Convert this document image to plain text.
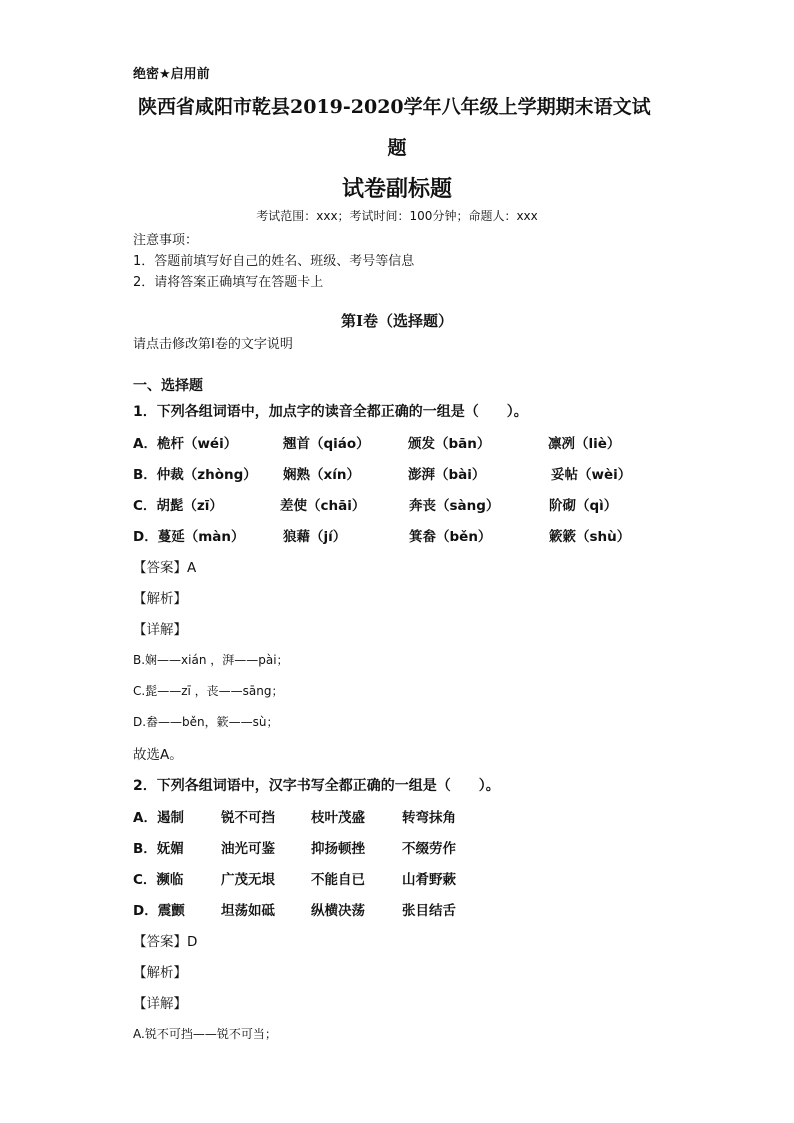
绝密★启用前
陕西省咸阳市乾县2019-2020学年八年级上学期期末语文试
题
试卷副标题
考试范围：xxx；考试时间：100分钟；命题人：xxx
注意事项：
1．答题前填写好自己的姓名、班级、考号等信息
2．请将答案正确填写在答题卡上
第I卷（选择题）
请点击修改第I卷的文字说明
一、选择题
1．下列各组词语中，加点字的读音全都正确的一组是（　　）。
A．桅杆（wéi）	翘首（qiáo）	颁发（bān）	凛冽（liè）
B．仲裁（zhòng） 娴熟（xín）	澎湃（bài）	妥帖（wèi）
C．胡髭（zī）	差使（chāi）	奔丧（sàng）	阶砌（qì）
D．蔓延（màn）	狼藉（jí）	箕畚（běn）	簌簌（shù）
【答案】A
【解析】
【详解】
B.娴——xián ，湃——pài；
C.髭——zī ，丧——sāng；
D.畚——běn，簌——sù；
故选A。
2．下列各组词语中，汉字书写全都正确的一组是（　　）。
A．遏制	锐不可挡	枝叶茂盛	转弯抹角
B．妩媚	油光可鉴	抑扬顿挫	不缀劳作
C．濒临	广茂无垠	不能自已	山肴野蔌
D．震颤	坦荡如砥	纵横决荡	张目结舌
【答案】D
【解析】
【详解】
A.锐不可挡——锐不可当；
